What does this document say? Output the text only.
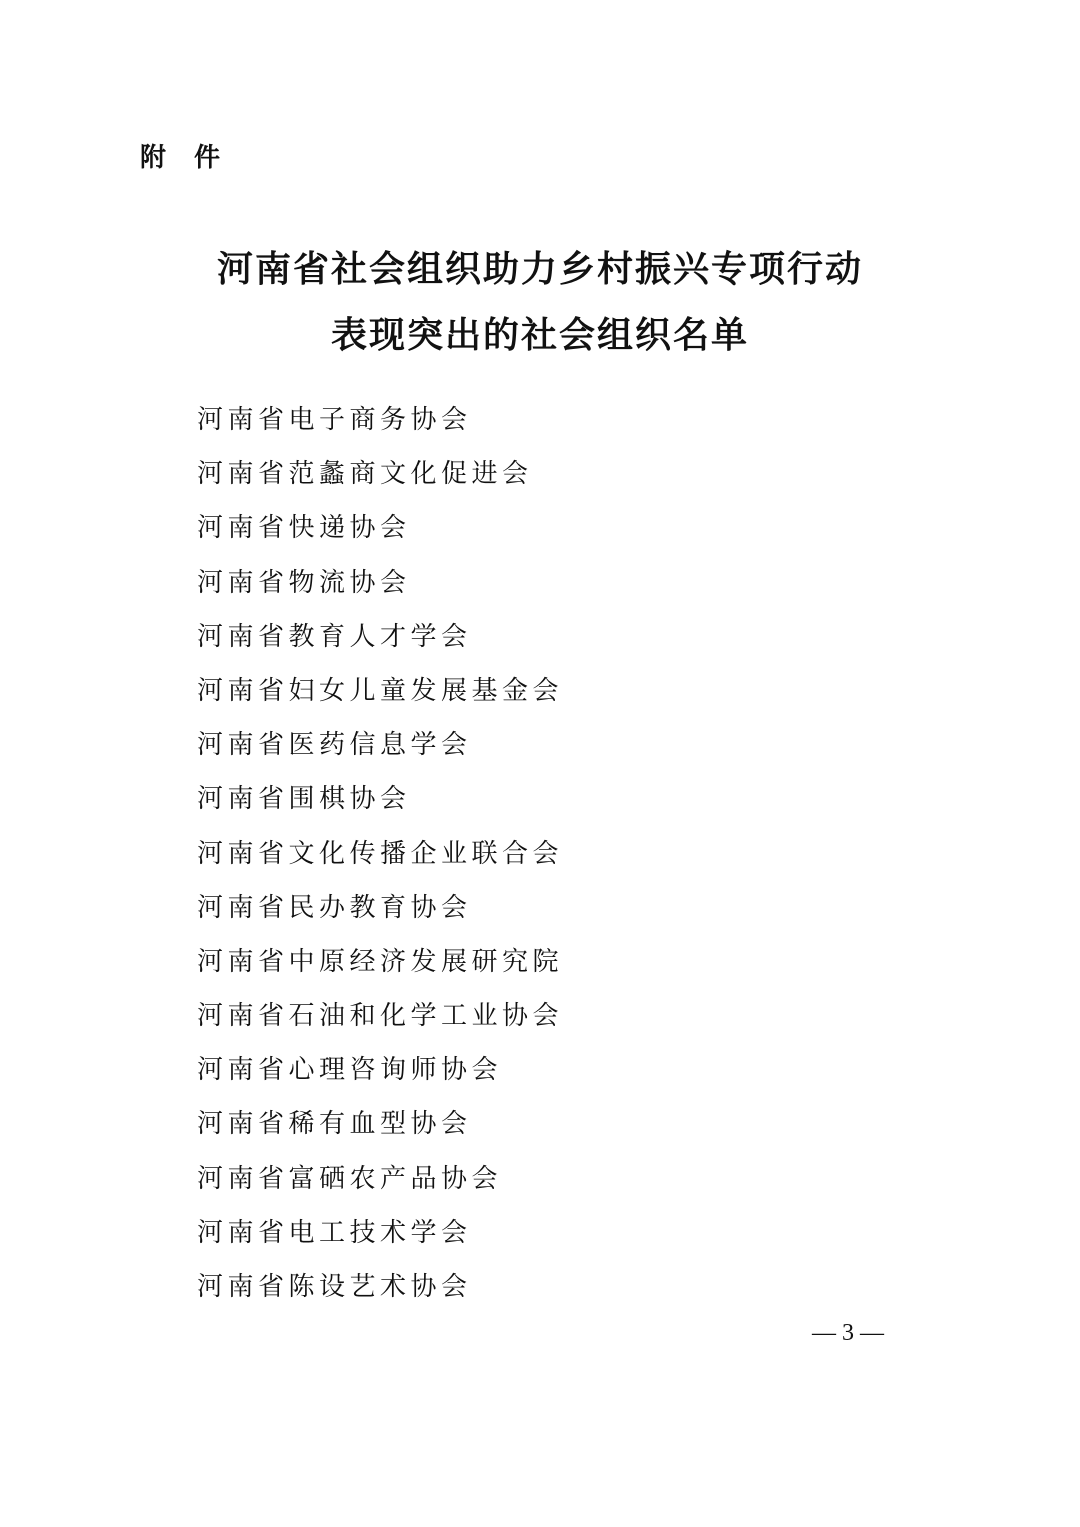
附件
河南省社会组织助力乡村振兴专项行动
表现突出的社会组织名单
河南省电子商务协会
河南省范蠡商文化促进会
河南省快递协会
河南省物流协会
河南省教育人才学会
河南省妇女儿童发展基金会
河南省医药信息学会
河南省围棋协会
河南省文化传播企业联合会
河南省民办教育协会
河南省中原经济发展研究院
河南省石油和化学工业协会
河南省心理咨询师协会
河南省稀有血型协会
河南省富硒农产品协会
河南省电工技术学会
河南省陈设艺术协会
— 3 —
